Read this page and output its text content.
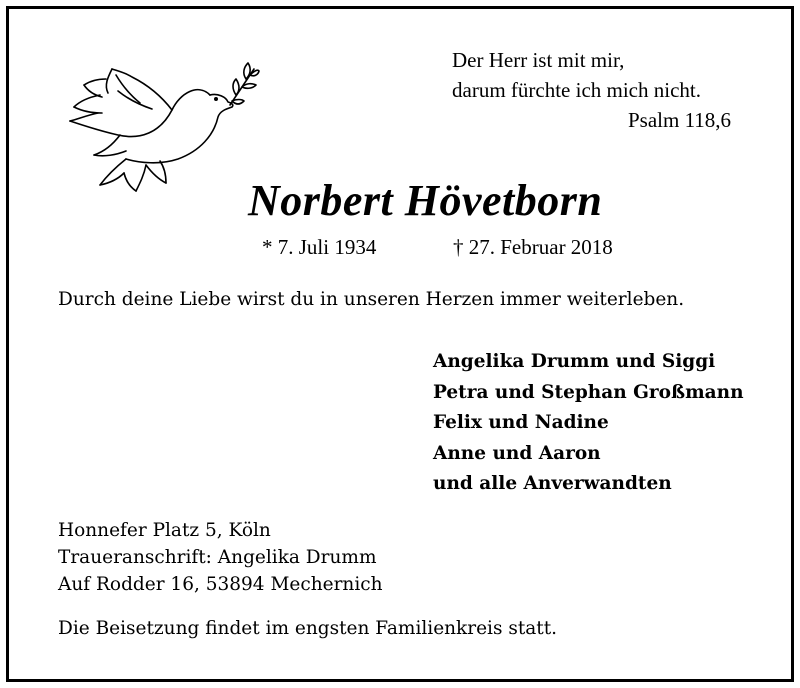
Der Herr ist mit mir,
darum fürchte ich mich nicht.
Psalm 118,6
Norbert Hövetborn
* 7. Juli 1934	† 27. Februar 2018
Durch deine Liebe wirst du in unseren Herzen immer weiterleben.
Angelika Drumm und Siggi
Petra und Stephan Großmann
Felix und Nadine
Anne und Aaron
und alle Anverwandten
Honnefer Platz 5, Köln
Traueranschrift: Angelika Drumm
Auf Rodder 16, 53894 Mechernich
Die Beisetzung findet im engsten Familienkreis statt.
